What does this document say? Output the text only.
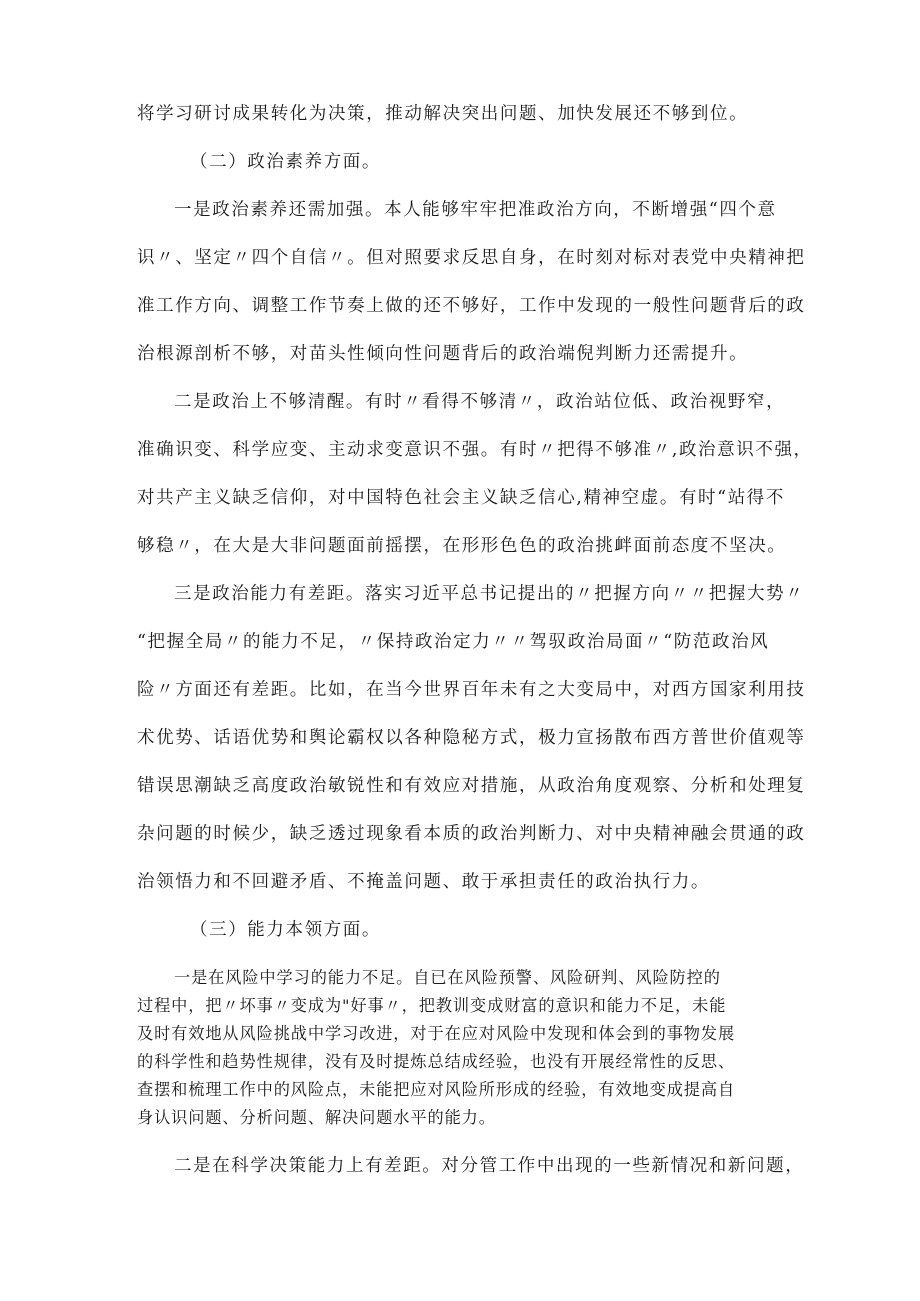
将学习研讨成果转化为决策，推动解决突出问题、加快发展还不够到位。
（二）政治素养方面。
一是政治素养还需加强。本人能够牢牢把准政治方向，不断增强“四个意
识〃、坚定〃四个自信〃。但对照要求反思自身，在时刻对标对表党中央精神把
准工作方向、调整工作节奏上做的还不够好，工作中发现的一般性问题背后的政
治根源剖析不够，对苗头性倾向性问题背后的政治端倪判断力还需提升。
二是政治上不够清醒。有时〃看得不够清〃，政治站位低、政治视野窄，
准确识变、科学应变、主动求变意识不强。有时〃把得不够准〃,政治意识不强，
对共产主义缺乏信仰，对中国特色社会主义缺乏信心,精神空虚。有时“站得不
够稳〃，在大是大非问题面前摇摆，在形形色色的政治挑衅面前态度不坚决。
三是政治能力有差距。落实习近平总书记提出的〃把握方向〃〃把握大势〃
“把握全局〃的能力不足，〃保持政治定力〃〃驾驭政治局面〃“防范政治风
险〃方面还有差距。比如，在当今世界百年未有之大变局中，对西方国家利用技
术优势、话语优势和舆论霸权以各种隐秘方式，极力宣扬散布西方普世价值观等
错误思潮缺乏高度政治敏锐性和有效应对措施，从政治角度观察、分析和处理复
杂问题的时候少，缺乏透过现象看本质的政治判断力、对中央精神融会贯通的政
治领悟力和不回避矛盾、不掩盖问题、敢于承担责任的政治执行力。
（三）能力本领方面。
一是在风险中学习的能力不足。自已在风险预警、风险研判、风险防控的
过程中，把〃坏事〃变成为"好事〃，把教训变成财富的意识和能力不足，未能
及时有效地从风险挑战中学习改进，对于在应对风险中发现和体会到的事物发展
的科学性和趋势性规律，没有及时提炼总结成经验，也没有开展经常性的反思、
查摆和梳理工作中的风险点，未能把应对风险所形成的经验，有效地变成提高自
身认识问题、分析问题、解决问题水平的能力。
二是在科学决策能力上有差距。对分管工作中出现的一些新情况和新问题，
